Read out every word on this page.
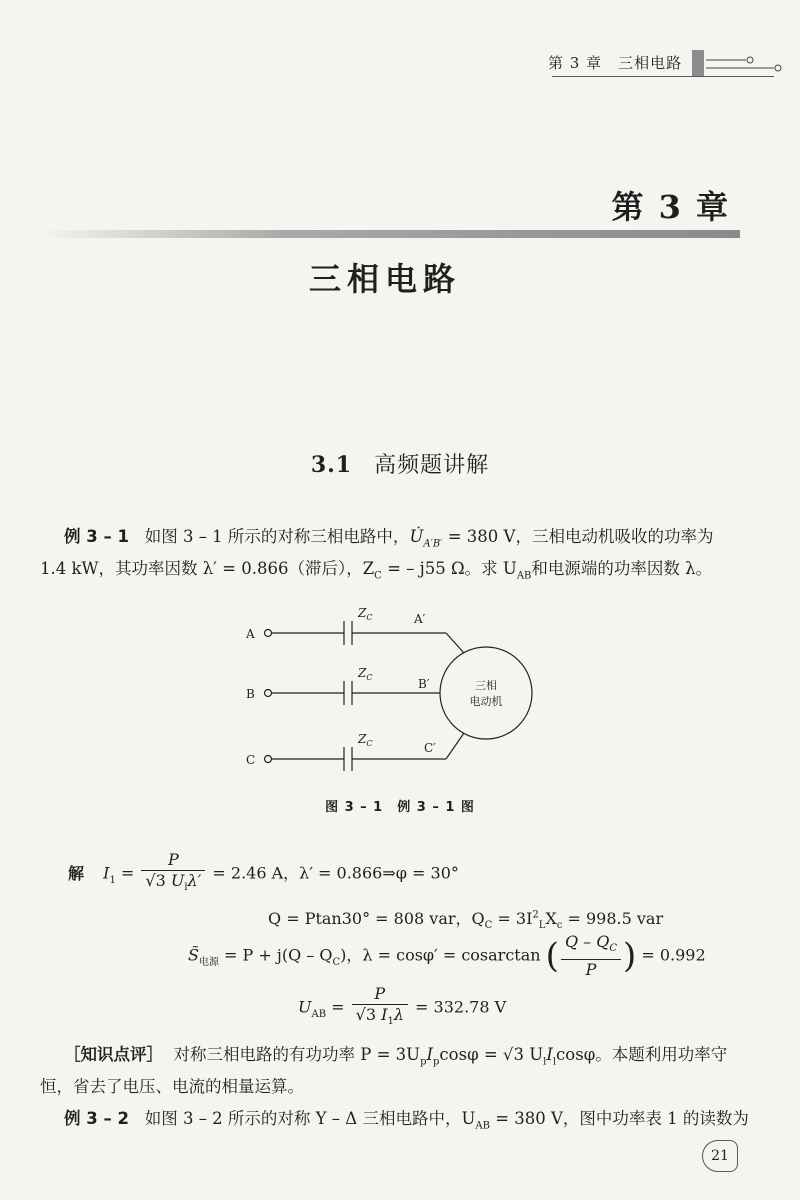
第 3 章　三相电路
第 3 章
三相电路
3.1 高频题讲解

例 3 – 1 如图 3 – 1 所示的对称三相电路中，$U̇_{A'B'} = 380$ V，三相电动机吸收的功率为

1.4 kW，其功率因数 λ′ = 0.866（滞后），$Z_C$ = – j55 Ω。求 $U_{AB}$和电源端的功率因数 λ。

A
B
C
A′
B′
C′
$Z_C$
$Z_C$
$Z_C$
三相
电动机
图 3 – 1　例 3 – 1 图
解 $I_1 = \frac{P}{√3 U_l\lambda'} = 2.46$ A，λ′ = 0.866⇒φ = 30°
Q = Ptan30° = 808 var，$Q_C = 3I^2_LX_c = 998.5$ var
$S̃_{电源} = P + j(Q - Q_C)$，λ = cosφ′ = cosarctan ( $\frac{Q - Q_C}{P}$ ) = 0.992
$U_{AB} = \frac{P}{√3 I_1\lambda} = 332.78$ V

［知识点评］ 对称三相电路的有功功率 $P = 3U_pI_p\cos\varphi = √3$ $U_lI_l\cos\varphi$。本题利用功率守

恒，省去了电压、电流的相量运算。

例 3 – 2 如图 3 – 2 所示的对称 Y – Δ 三相电路中，$U_{AB} = 380$ V，图中功率表 1 的读数为

21
